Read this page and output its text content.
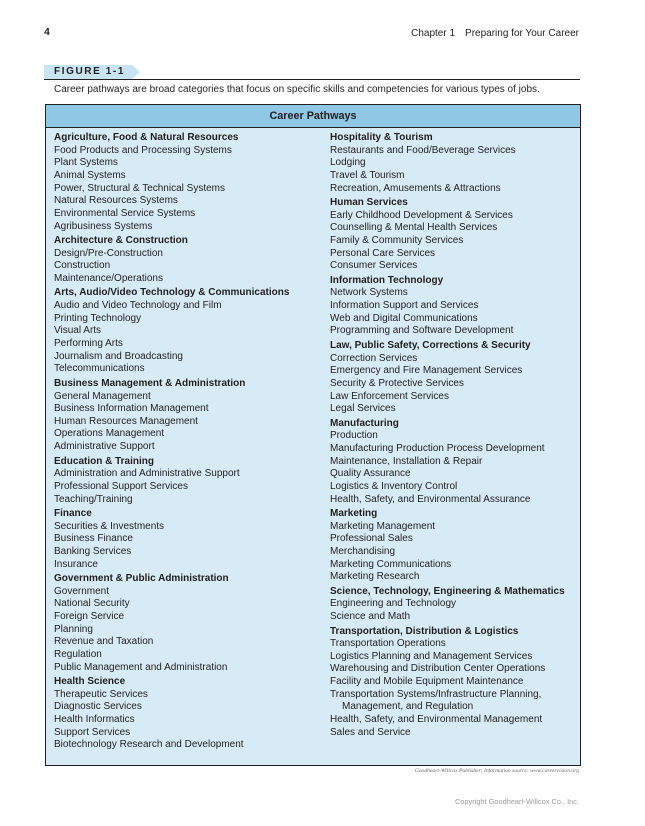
4	Chapter 1 Preparing for Your Career
FIGURE 1-1
Career pathways are broad categories that focus on specific skills and competencies for various types of jobs.
Career Pathways
Agriculture, Food & Natural Resources
Food Products and Processing Systems
Plant Systems
Animal Systems
Power, Structural & Technical Systems
Natural Resources Systems
Environmental Service Systems
Agribusiness Systems
Architecture & Construction
Design/Pre-Construction
Construction
Maintenance/Operations
Arts, Audio/Video Technology & Communications
Audio and Video Technology and Film
Printing Technology
Visual Arts
Performing Arts
Journalism and Broadcasting
Telecommunications
Business Management & Administration
General Management
Business Information Management
Human Resources Management
Operations Management
Administrative Support
Education & Training
Administration and Administrative Support
Professional Support Services
Teaching/Training
Finance
Securities & Investments
Business Finance
Banking Services
Insurance
Government & Public Administration
Government
National Security
Foreign Service
Planning
Revenue and Taxation
Regulation
Public Management and Administration
Health Science
Therapeutic Services
Diagnostic Services
Health Informatics
Support Services
Biotechnology Research and Development
Hospitality & Tourism
Restaurants and Food/Beverage Services
Lodging
Travel & Tourism
Recreation, Amusements & Attractions
Human Services
Early Childhood Development & Services
Counselling & Mental Health Services
Family & Community Services
Personal Care Services
Consumer Services
Information Technology
Network Systems
Information Support and Services
Web and Digital Communications
Programming and Software Development
Law, Public Safety, Corrections & Security
Correction Services
Emergency and Fire Management Services
Security & Protective Services
Law Enforcement Services
Legal Services
Manufacturing
Production
Manufacturing Production Process Development
Maintenance, Installation & Repair
Quality Assurance
Logistics & Inventory Control
Health, Safety, and Environmental Assurance
Marketing
Marketing Management
Professional Sales
Merchandising
Marketing Communications
Marketing Research
Science, Technology, Engineering & Mathematics
Engineering and Technology
Science and Math
Transportation, Distribution & Logistics
Transportation Operations
Logistics Planning and Management Services
Warehousing and Distribution Center Operations
Facility and Mobile Equipment Maintenance
Transportation Systems/Infrastructure Planning,
Management, and Regulation
Health, Safety, and Environmental Management
Sales and Service
Goodheart-Willcox Publisher; Information source: www.careervision.org
Copyright Goodheart-Willcox Co., Inc.
